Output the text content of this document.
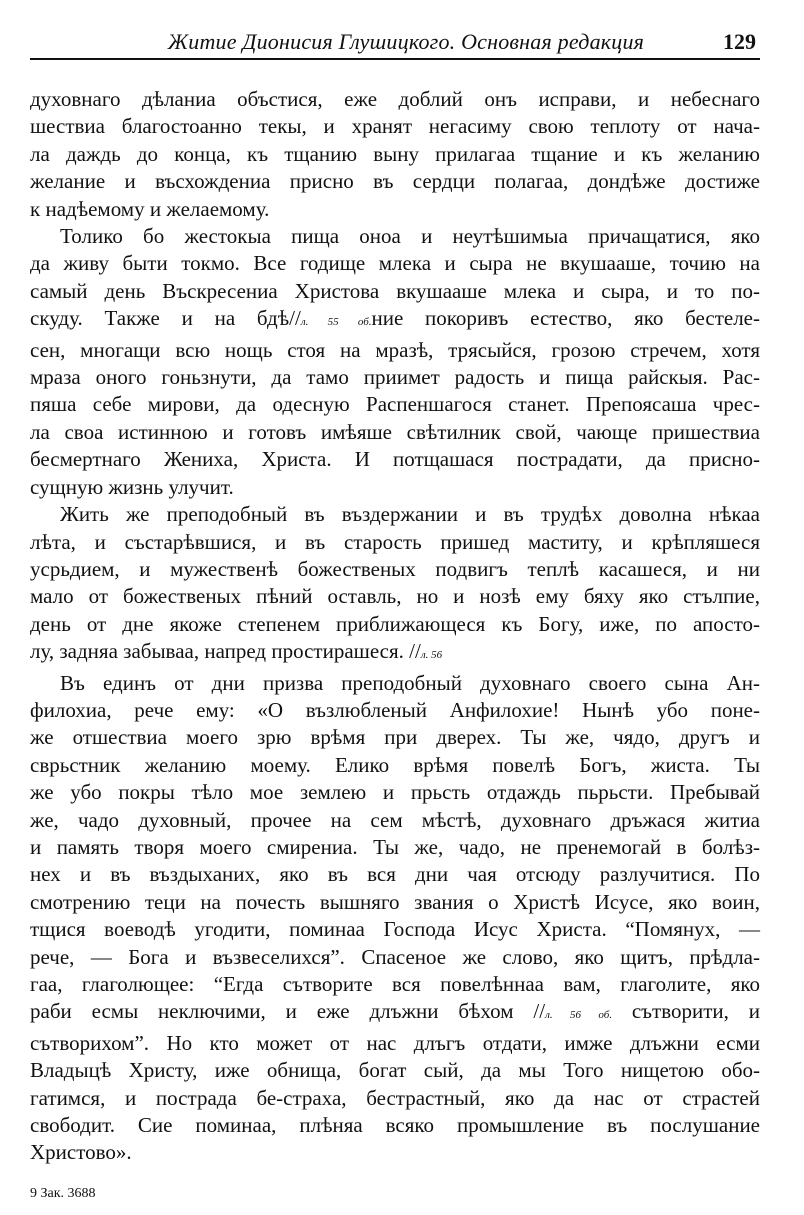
Житие Дионисия Глушицкого. Основная редакция	129
духовнаго дѣланиа объстися, еже доблий онъ исправи, и небеснаго
шествиа благостоанно текы, и хранят негасиму свою теплоту от нача-
ла даждь до конца, къ тщанию выну прилагаа тщание и къ желанию
желание и въсхождениа присно въ сердци полагаа, дондѣже достиже
к надѣемому и желаемому.
Толико бо жестокыа пища оноа и неутѣшимыа причащатися, яко
да живу быти токмо. Все годище млека и сыра не вкушааше, точию на
самый день Въскресениа Христова вкушааше млека и сыра, и то по-
скуду. Также и на бдѣ//л. 55 об.ние покоривъ естество, яко бестеле-
сен, многащи всю нощь стоя на мразѣ, трясыйся, грозою стречем, хотя
мраза оного гоньзнути, да тамо приимет радость и пища райскыя. Рас-
пяша себе мирови, да одесную Распеншагося станет. Препоясаша чрес-
ла своа истинною и готовъ имѣяше свѣтилник свой, чающе пришествиа
бесмертнаго Жениха, Христа. И потщашася пострадати, да присно-
сущную жизнь улучит.
Жить же преподобный въ въздержании и въ трудѣх доволна нѣкаа
лѣта, и състарѣвшися, и въ старость пришед маститу, и крѣпляшеся
усрьдием, и мужественѣ божественых подвигъ теплѣ касашеся, и ни
мало от божественых пѣний оставль, но и нозѣ ему бяху яко стълпие,
день от дне якоже степенем приближающеся къ Богу, иже, по апосто-
лу, задняа забываа, напред простирашеся. //л. 56
Въ единъ от дни призва преподобный духовнаго своего сына Ан-
филохиа, рече ему: «О възлюбленый Анфилохие! Нынѣ убо поне-
же отшествиа моего зрю врѣмя при дверех. Ты же, чядо, другъ и
сврьстник желанию моему. Елико врѣмя повелѣ Богъ, жиста. Ты
же убо покры тѣло мое землею и прьсть отдаждь пьрьсти. Пребывай
же, чадо духовный, прочее на сем мѣстѣ, духовнаго дръжася житиа
и память творя моего смирениа. Ты же, чадо, не пренемогай в болѣз-
нех и въ въздыханих, яко въ вся дни чая отсюду разлучитися. По
смотрению теци на почесть вышняго звания о Христѣ Исусе, яко воин,
тщися воеводѣ угодити, поминаа Господа Исус Христа. “Помянух, —
рече, — Бога и възвеселихся”. Спасеное же слово, яко щитъ, прѣдла-
гаа, глаголющее: “Егда сътворите вся повелѣннаа вам, глаголите, яко
раби есмы неключими, и еже длъжни бѣхом //л. 56 об. сътворити, и
сътворихом”. Но кто может от нас длъгъ отдати, имже длъжни есми
Владыцѣ Христу, иже обнища, богат сый, да мы Того нищетою обо-
гатимся, и пострада бе-страха, бестрастный, яко да нас от страстей
свободит. Сие поминаа, плѣняа всяко промышление въ послушание
Христово».
9 Зак. 3688
